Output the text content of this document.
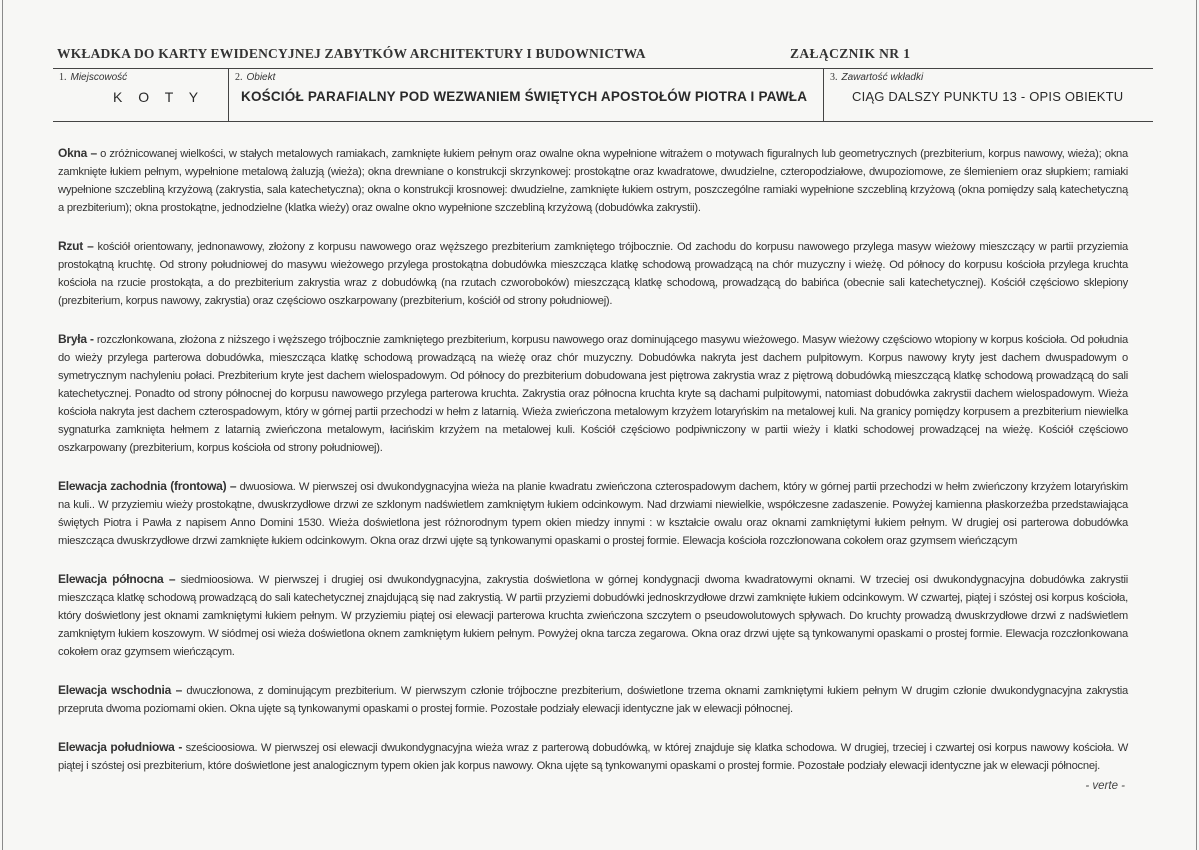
WKŁADKA DO KARTY EWIDENCYJNEJ ZABYTKÓW ARCHITEKTURY I BUDOWNICTWA	ZAŁĄCZNIK NR 1
1. Miejscowość
K O T Y
2. Obiekt
KOŚCIÓŁ PARAFIALNY POD WEZWANIEM ŚWIĘTYCH APOSTOŁÓW PIOTRA I PAWŁA
3. Zawartość wkładki
CIĄG DALSZY PUNKTU 13 - OPIS OBIEKTU

Okna – o zróżnicowanej wielkości, w stałych metalowych ramiakach, zamknięte łukiem pełnym oraz owalne okna wypełnione witrażem o motywach figuralnych lub geometrycznych (prezbiterium, korpus nawowy, wieża); okna zamknięte łukiem pełnym, wypełnione metalową żaluzją (wieża); okna drewniane o konstrukcji skrzynkowej: prostokątne oraz kwadratowe, dwudzielne, czteropodziałowe, dwupoziomowe, ze ślemieniem oraz słupkiem; ramiaki wypełnione szczebliną krzyżową (zakrystia, sala katechetyczna); okna o konstrukcji krosnowej: dwudzielne, zamknięte łukiem ostrym, poszczególne ramiaki wypełnione szczebliną krzyżową (okna pomiędzy salą katechetyczną a prezbiterium); okna prostokątne, jednodzielne (klatka wieży) oraz owalne okno wypełnione szczebliną krzyżową (dobudówka zakrystii).

Rzut – kościół orientowany, jednonawowy, złożony z korpusu nawowego oraz węższego prezbiterium zamkniętego trójbocznie. Od zachodu do korpusu nawowego przylega masyw wieżowy mieszczący w partii przyziemia prostokątną kruchtę. Od strony południowej do masywu wieżowego przylega prostokątna dobudówka mieszcząca klatkę schodową prowadzącą na chór muzyczny i wieżę. Od północy do korpusu kościoła przylega kruchta kościoła na rzucie prostokąta, a do prezbiterium zakrystia wraz z dobudówką (na rzutach czworoboków) mieszczącą klatkę schodową, prowadzącą do babińca (obecnie sali katechetycznej). Kościół częściowo sklepiony (prezbiterium, korpus nawowy, zakrystia) oraz częściowo oszkarpowany (prezbiterium, kościół od strony południowej).

Bryła - rozczłonkowana, złożona z niższego i węższego trójbocznie zamkniętego prezbiterium, korpusu nawowego oraz dominującego masywu wieżowego. Masyw wieżowy częściowo wtopiony w korpus kościoła. Od południa do wieży przylega parterowa dobudówka, mieszcząca klatkę schodową prowadzącą na wieżę oraz chór muzyczny. Dobudówka nakryta jest dachem pulpitowym. Korpus nawowy kryty jest dachem dwuspadowym o symetrycznym nachyleniu połaci. Prezbiterium kryte jest dachem wielospadowym. Od północy do prezbiterium dobudowana jest piętrowa zakrystia wraz z piętrową dobudówką mieszczącą klatkę schodową prowadzącą do sali katechetycznej. Ponadto od strony północnej do korpusu nawowego przylega parterowa kruchta. Zakrystia oraz północna kruchta kryte są dachami pulpitowymi, natomiast dobudówka zakrystii dachem wielospadowym. Wieża kościoła nakryta jest dachem czterospadowym, który w górnej partii przechodzi w hełm z latarnią. Wieża zwieńczona metalowym krzyżem lotaryńskim na metalowej kuli. Na granicy pomiędzy korpusem a prezbiterium niewielka sygnaturka zamknięta hełmem z latarnią zwieńczona metalowym, łacińskim krzyżem na metalowej kuli. Kościół częściowo podpiwniczony w partii wieży i klatki schodowej prowadzącej na wieżę. Kościół częściowo oszkarpowany (prezbiterium, korpus kościoła od strony południowej).

Elewacja zachodnia (frontowa) – dwuosiowa. W pierwszej osi dwukondygnacyjna wieża na planie kwadratu zwieńczona czterospadowym dachem, który w górnej partii przechodzi w hełm zwieńczony krzyżem lotaryńskim na kuli.. W przyziemiu wieży prostokątne, dwuskrzydłowe drzwi ze szklonym nadświetlem zamkniętym łukiem odcinkowym. Nad drzwiami niewielkie, współczesne zadaszenie. Powyżej kamienna płaskorzeźba przedstawiająca świętych Piotra i Pawła z napisem Anno Domini 1530. Wieża doświetlona jest różnorodnym typem okien miedzy innymi : w kształcie owalu oraz oknami zamkniętymi łukiem pełnym. W drugiej osi parterowa dobudówka mieszcząca dwuskrzydłowe drzwi zamknięte łukiem odcinkowym. Okna oraz drzwi ujęte są tynkowanymi opaskami o prostej formie. Elewacja kościoła rozczłonowana cokołem oraz gzymsem wieńczącym

Elewacja północna – siedmioosiowa. W pierwszej i drugiej osi dwukondygnacyjna, zakrystia doświetlona w górnej kondygnacji dwoma kwadratowymi oknami. W trzeciej osi dwukondygnacyjna dobudówka zakrystii mieszcząca klatkę schodową prowadzącą do sali katechetycznej znajdującą się nad zakrystią. W partii przyziemi dobudówki jednoskrzydłowe drzwi zamknięte łukiem odcinkowym. W czwartej, piątej i szóstej osi korpus kościoła, który doświetlony jest oknami zamkniętymi łukiem pełnym. W przyziemiu piątej osi elewacji parterowa kruchta zwieńczona szczytem o pseudowolutowych spływach. Do kruchty prowadzą dwuskrzydłowe drzwi z nadświetlem zamkniętym łukiem koszowym. W siódmej osi wieża doświetlona oknem zamkniętym łukiem pełnym. Powyżej okna tarcza zegarowa. Okna oraz drzwi ujęte są tynkowanymi opaskami o prostej formie. Elewacja rozczłonkowana cokołem oraz gzymsem wieńczącym.

Elewacja wschodnia – dwuczłonowa, z dominującym prezbiterium. W pierwszym członie trójboczne prezbiterium, doświetlone trzema oknami zamkniętymi łukiem pełnym W drugim członie dwukondygnacyjna zakrystia przepruta dwoma poziomami okien. Okna ujęte są tynkowanymi opaskami o prostej formie. Pozostałe podziały elewacji identyczne jak w elewacji północnej.

Elewacja południowa - sześcioosiowa. W pierwszej osi elewacji dwukondygnacyjna wieża wraz z parterową dobudówką, w której znajduje się klatka schodowa. W drugiej, trzeciej i czwartej osi korpus nawowy kościoła. W piątej i szóstej osi prezbiterium, które doświetlone jest analogicznym typem okien jak korpus nawowy. Okna ujęte są tynkowanymi opaskami o prostej formie. Pozostałe podziały elewacji identyczne jak w elewacji północnej.

- verte -
